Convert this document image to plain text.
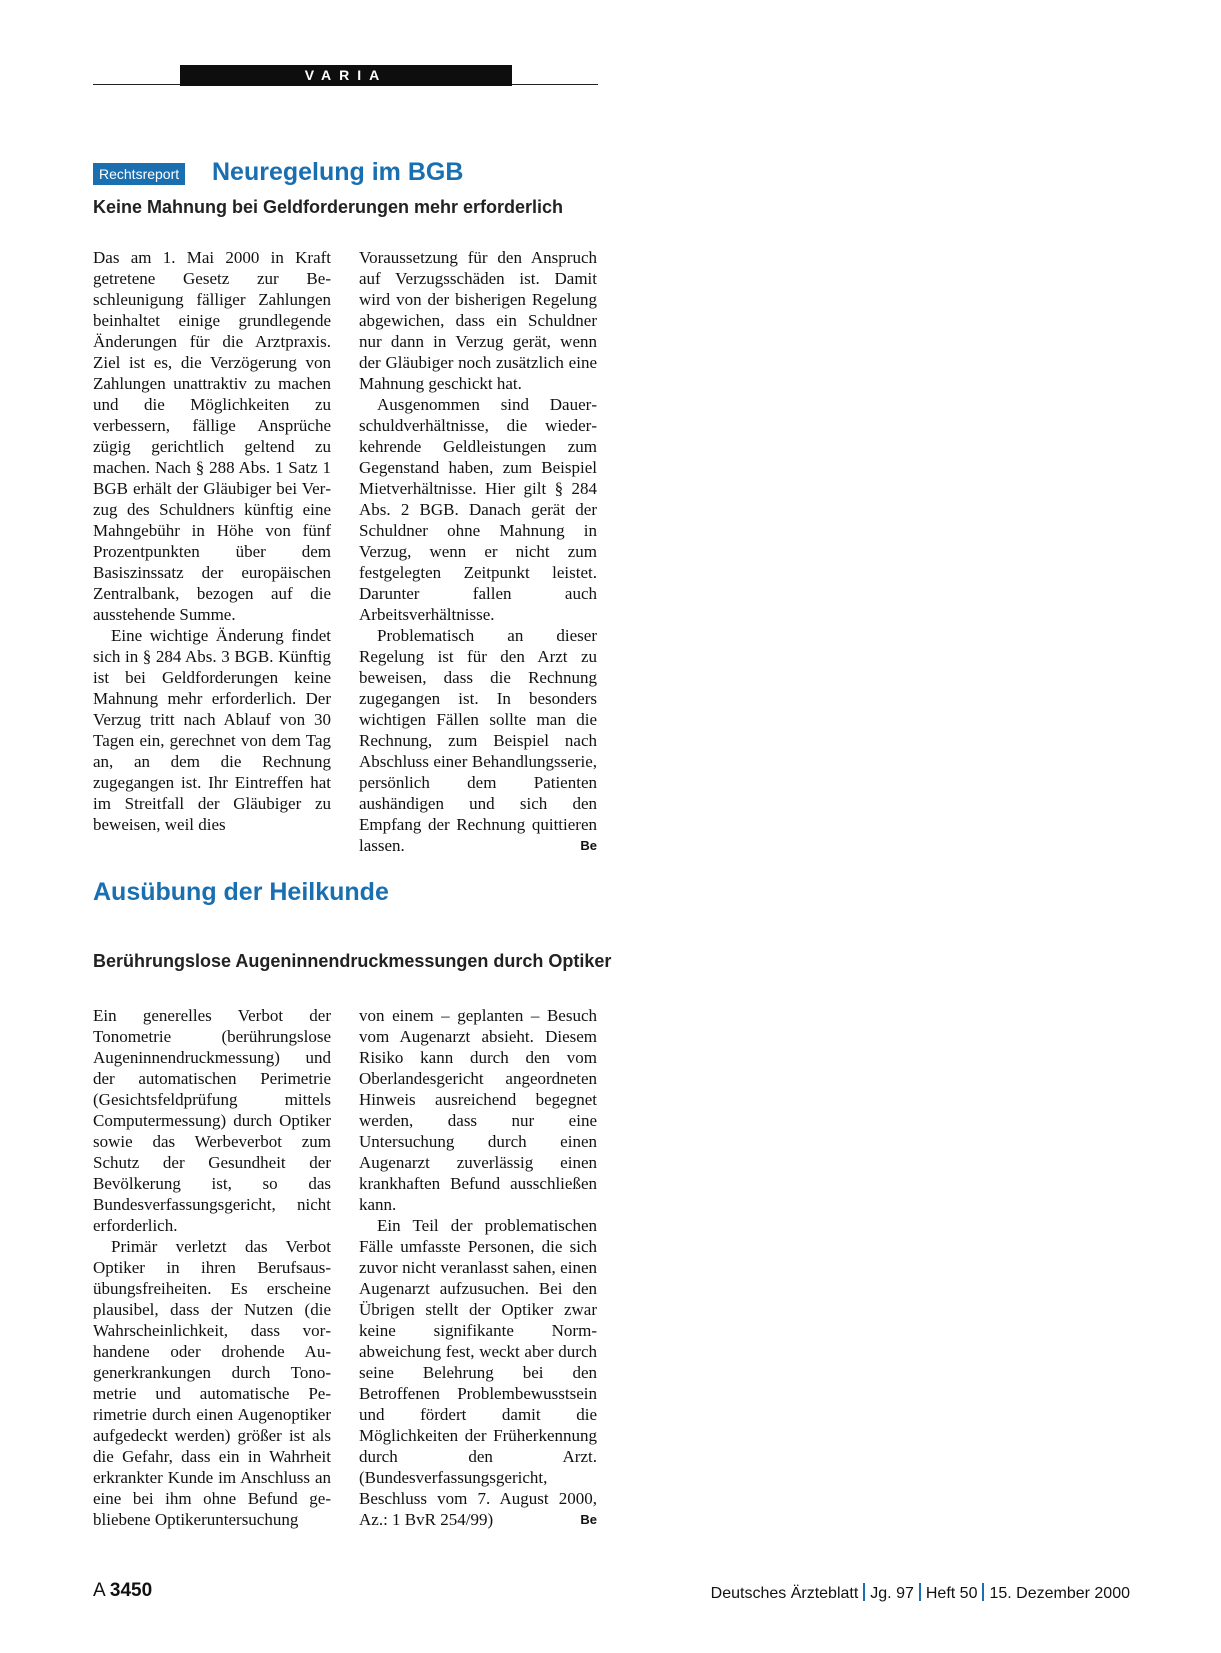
VARIA
Rechtsreport Neuregelung im BGB
Keine Mahnung bei Geldforderungen mehr erforderlich

Das am 1. Mai 2000 in Kraft getretene Gesetz zur Beschleunigung fälliger Zahlungen beinhaltet einige grundlegende Änderungen für die Arztpraxis. Ziel ist es, die Verzögerung von Zahlungen unattraktiv zu machen und die Möglichkeiten zu verbessern, fällige Ansprüche zügig gerichtlich geltend zu machen. Nach § 288 Abs. 1 Satz 1 BGB erhält der Gläubiger bei Verzug des Schuldners künftig eine Mahngebühr in Höhe von fünf Prozentpunkten über dem Basiszinssatz der europäischen Zentralbank, bezogen auf die ausstehende Summe.

Eine wichtige Änderung findet sich in § 284 Abs. 3 BGB. Künftig ist bei Geldforderungen keine Mahnung mehr erforderlich. Der Verzug tritt nach Ablauf von 30 Tagen ein, gerechnet von dem Tag an, an dem die Rechnung zugegangen ist. Ihr Eintreffen hat im Streitfall der Gläubiger zu beweisen, weil dies

Voraussetzung für den Anspruch auf Verzugsschäden ist. Damit wird von der bisherigen Regelung abgewichen, dass ein Schuldner nur dann in Verzug gerät, wenn der Gläubiger noch zusätzlich eine Mahnung geschickt hat.

Ausgenommen sind Dauerschuldverhältnisse, die wiederkehrende Geldleistungen zum Gegenstand haben, zum Beispiel Mietverhältnisse. Hier gilt § 284 Abs. 2 BGB. Danach gerät der Schuldner ohne Mahnung in Verzug, wenn er nicht zum festgelegten Zeitpunkt leistet. Darunter fallen auch Arbeitsverhältnisse.

Problematisch an dieser Regelung ist für den Arzt zu beweisen, dass die Rechnung zugegangen ist. In besonders wichtigen Fällen sollte man die Rechnung, zum Beispiel nach Abschluss einer Behandlungsserie, persönlich dem Patienten aushändigen und sich den Empfang der Rechnung quittieren lassen.	Be

Ausübung der Heilkunde
Berührungslose Augeninnendruckmessungen durch Optiker

Ein generelles Verbot der Tonometrie (berührungslose Augeninnendruckmessung) und der automatischen Perimetrie (Gesichtsfeldprüfung mittels Computermessung) durch Optiker sowie das Werbeverbot zum Schutz der Gesundheit der Bevölkerung ist, so das Bundesverfassungsgericht, nicht erforderlich.

Primär verletzt das Verbot Optiker in ihren Berufsausübungsfreiheiten. Es erscheine plausibel, dass der Nutzen (die Wahrscheinlichkeit, dass vorhandene oder drohende Augenerkrankungen durch Tonometrie und automatische Perimetrie durch einen Augenoptiker aufgedeckt werden) größer ist als die Gefahr, dass ein in Wahrheit erkrankter Kunde im Anschluss an eine bei ihm ohne Befund gebliebene Optikeruntersuchung

von einem – geplanten – Besuch vom Augenarzt absieht. Diesem Risiko kann durch den vom Oberlandesgericht angeordneten Hinweis ausreichend begegnet werden, dass nur eine Untersuchung durch einen Augenarzt zuverlässig einen krankhaften Befund ausschließen kann.

Ein Teil der problematischen Fälle umfasste Personen, die sich zuvor nicht veranlasst sahen, einen Augenarzt aufzusuchen. Bei den Übrigen stellt der Optiker zwar keine signifikante Normabweichung fest, weckt aber durch seine Belehrung bei den Betroffenen Problembewusstsein und fördert damit die Möglichkeiten der Früherkennung durch den Arzt. (Bundesverfassungsgericht, Beschluss vom 7. August 2000, Az.: 1 BvR 254/99)	Be

A 3450	Deutsches Ärzteblatt Jg. 97 Heft 50 15. Dezember 2000
